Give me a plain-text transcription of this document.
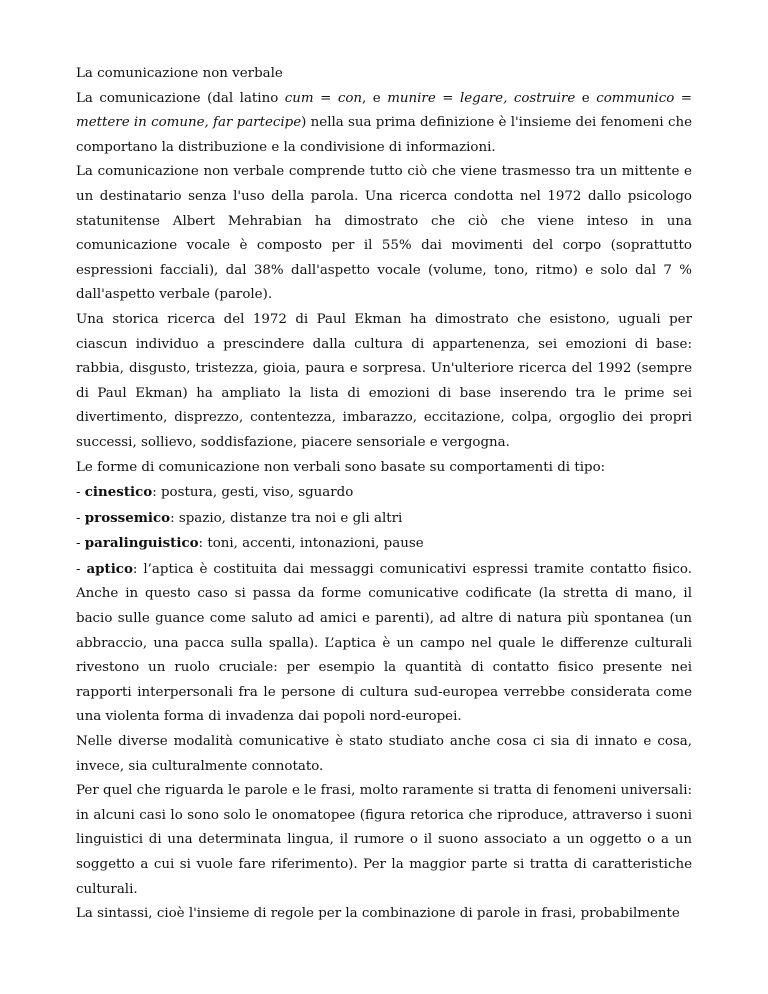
La comunicazione non verbale

La comunicazione (dal latino cum = con, e munire = legare, costruire e communico = mettere in comune, far partecipe) nella sua prima definizione è l'insieme dei fenomeni che comportano la distribuzione e la condivisione di informazioni.

La comunicazione non verbale comprende tutto ciò che viene trasmesso tra un mittente e un destinatario senza l'uso della parola. Una ricerca condotta nel 1972 dallo psicologo statunitense Albert Mehrabian ha dimostrato che ciò che viene inteso in una comunicazione vocale è composto per il 55% dai movimenti del corpo (soprattutto espressioni facciali), dal 38% dall'aspetto vocale (volume, tono, ritmo) e solo dal 7 % dall'aspetto verbale (parole).

Una storica ricerca del 1972 di Paul Ekman ha dimostrato che esistono, uguali per ciascun individuo a prescindere dalla cultura di appartenenza, sei emozioni di base: rabbia, disgusto, tristezza, gioia, paura e sorpresa. Un'ulteriore ricerca del 1992 (sempre di Paul Ekman) ha ampliato la lista di emozioni di base inserendo tra le prime sei divertimento, disprezzo, contentezza, imbarazzo, eccitazione, colpa, orgoglio dei propri successi, sollievo, soddisfazione, piacere sensoriale e vergogna.

Le forme di comunicazione non verbali sono basate su comportamenti di tipo:

- cinestico: postura, gesti, viso, sguardo

- prossemico: spazio, distanze tra noi e gli altri

- paralinguistico: toni, accenti, intonazioni, pause

- aptico: l’aptica è costituita dai messaggi comunicativi espressi tramite contatto fisico. Anche in questo caso si passa da forme comunicative codificate (la stretta di mano, il bacio sulle guance come saluto ad amici e parenti), ad altre di natura più spontanea (un abbraccio, una pacca sulla spalla). L’aptica è un campo nel quale le differenze culturali rivestono un ruolo cruciale: per esempio la quantità di contatto fisico presente nei rapporti interpersonali fra le persone di cultura sud-europea verrebbe considerata come una violenta forma di invadenza dai popoli nord-europei.

Nelle diverse modalità comunicative è stato studiato anche cosa ci sia di innato e cosa, invece, sia culturalmente connotato.

Per quel che riguarda le parole e le frasi, molto raramente si tratta di fenomeni universali: in alcuni casi lo sono solo le onomatopee (figura retorica che riproduce, attraverso i suoni linguistici di una determinata lingua, il rumore o il suono associato a un oggetto o a un soggetto a cui si vuole fare riferimento). Per la maggior parte si tratta di caratteristiche culturali.

La sintassi, cioè l'insieme di regole per la combinazione di parole in frasi, probabilmente
